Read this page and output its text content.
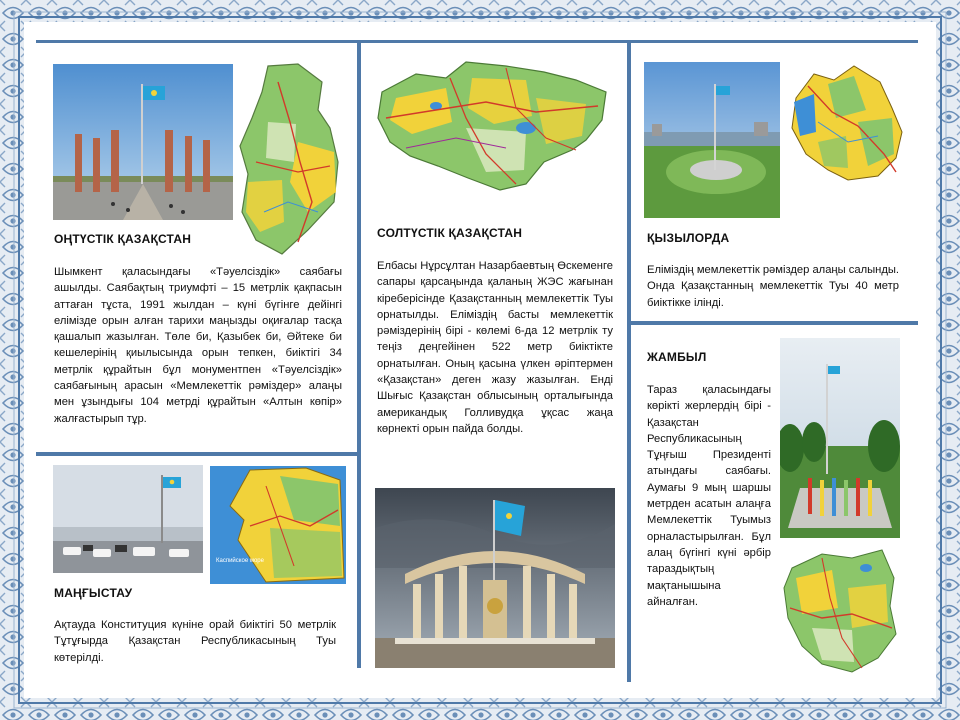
ОҢТҮСТІК ҚАЗАҚСТАН
Шымкент қаласындағы «Тәуелсіздік» саябағы ашылды. Саябақтың триумфті – 15 метрлік қақпасын аттаған тұста, 1991 жылдан – күні бүгінге дейінгі елімізде орын алған тарихи маңызды оқиғалар тасқа қашалып жазылған. Төле би, Қазыбек би, Әйтеке би кешелерінің қиылысында орын тепкен, биіктігі 34 метрлік құрайтын бұл монументпен «Тәуелсіздік» саябағының арасын «Мемлекеттік рәміздер» алаңы мен ұзындығы 104 метрді құрайтын «Алтын көпір» жалғастырып тұр.
Каспийское море
МАҢҒЫСТАУ
Ақтауда Конституция күніне орай биіктігі 50 метрлік Тұтұғырда Қазақстан Республикасының Туы көтерілді.
СОЛТҮСТІК ҚАЗАҚСТАН
Елбасы Нұрсұлтан Назарбаевтың Өскеменге сапары қарсаңында қаланың ЖЭС жағынан кіреберісінде Қазақстанның мемлекеттік Туы орнатылды. Еліміздің басты мемлекеттік рәміздерінің бірі - көлемі 6-да 12 метрлік ту теңіз деңгейінен 522 метр биіктікте орнатылған. Оның қасына үлкен әріптермен «Қазақстан» деген жазу жазылған. Енді Шығыс Қазақстан облысының орталығында американдық Голливудқа ұқсас жаңа көрнекті орын пайда болды.
ҚЫЗЫЛОРДА
Елімiздiң мемлекеттiк рәмiздер алаңы салынды. Онда Қазақстанның мемлекеттiк Туы 40 метр биiктiкке iлiндi.
ЖАМБЫЛ
Тараз қаласындағы көрікті жерлердің бірі - Қазақстан Республикасының Тұңғыш Президенті атындағы саябағы. Аумағы 9 мың шаршы метрден асатын алаңға Мемлекеттік Туымыз орналастырылған. Бұл алаң бүгінгі күні әрбір тараздықтың мақтанышына айналған.
